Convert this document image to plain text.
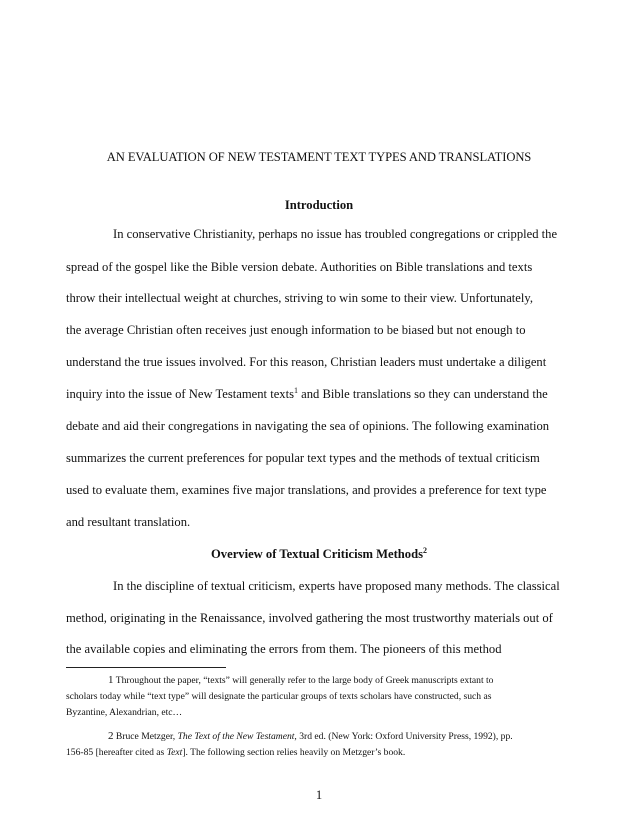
AN EVALUATION OF NEW TESTAMENT TEXT TYPES AND TRANSLATIONS
Introduction
In conservative Christianity, perhaps no issue has troubled congregations or crippled the
spread of the gospel like the Bible version debate. Authorities on Bible translations and texts
throw their intellectual weight at churches, striving to win some to their view. Unfortunately,
the average Christian often receives just enough information to be biased but not enough to
understand the true issues involved. For this reason, Christian leaders must undertake a diligent
inquiry into the issue of New Testament texts$^1$ and Bible translations so they can understand the
debate and aid their congregations in navigating the sea of opinions. The following examination
summarizes the current preferences for popular text types and the methods of textual criticism
used to evaluate them, examines five major translations, and provides a preference for text type
and resultant translation.
Overview of Textual Criticism Methods$^2$
In the discipline of textual criticism, experts have proposed many methods. The classical
method, originating in the Renaissance, involved gathering the most trustworthy materials out of
the available copies and eliminating the errors from them. The pioneers of this method
1 Throughout the paper, “texts” will generally refer to the large body of Greek manuscripts extant to
scholars today while “text type” will designate the particular groups of texts scholars have constructed, such as
Byzantine, Alexandrian, etc…
2 Bruce Metzger, The Text of the New Testament, 3rd ed. (New York: Oxford University Press, 1992), pp.
156-85 [hereafter cited as Text]. The following section relies heavily on Metzger’s book.
1
